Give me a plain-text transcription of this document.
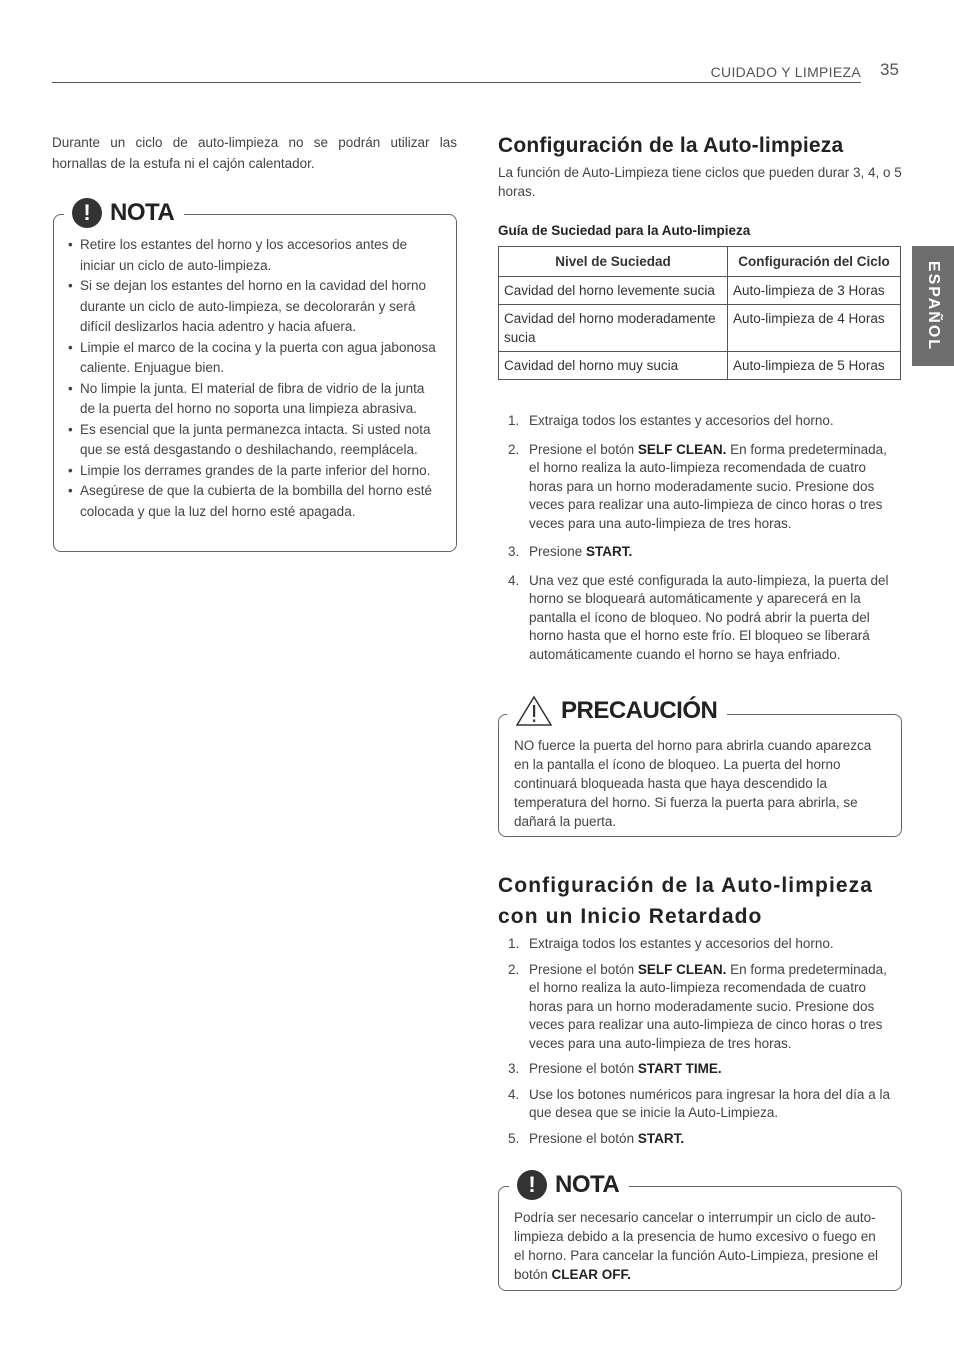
CUIDADO Y LIMPIEZA 35
ESPAÑOL
Durante un ciclo de auto-limpieza no se podrán utilizar las hornallas de la estufa ni el cajón calentador.
! NOTA
• Retire los estantes del horno y los accesorios antes de iniciar un ciclo de auto-limpieza.
• Si se dejan los estantes del horno en la cavidad del horno durante un ciclo de auto-limpieza, se decolorarán y será difícil deslizarlos hacia adentro y hacia afuera.
• Limpie el marco de la cocina y la puerta con agua jabonosa caliente. Enjuague bien.
• No limpie la junta. El material de fibra de vidrio de la junta de la puerta del horno no soporta una limpieza abrasiva.
• Es esencial que la junta permanezca intacta. Si usted nota que se está desgastando o deshilachando, reemplácela.
• Limpie los derrames grandes de la parte inferior del horno.
• Asegúrese de que la cubierta de la bombilla del horno esté colocada y que la luz del horno esté apagada.
Configuración de la Auto-limpieza
La función de Auto-Limpieza tiene ciclos que pueden durar 3, 4, o 5 horas.
Guía de Suciedad para la Auto-limpieza
Nivel de Suciedad	Configuración del Ciclo
Cavidad del horno levemente sucia	Auto-limpieza de 3 Horas
Cavidad del horno moderadamente sucia	Auto-limpieza de 4 Horas
Cavidad del horno muy sucia	Auto-limpieza de 5 Horas
1. Extraiga todos los estantes y accesorios del horno.
2. Presione el botón SELF CLEAN. En forma predeterminada, el horno realiza la auto-limpieza recomendada de cuatro horas para un horno moderadamente sucio. Presione dos veces para realizar una auto-limpieza de cinco horas o tres veces para una auto-limpieza de tres horas.
3. Presione START.
4. Una vez que esté configurada la auto-limpieza, la puerta del horno se bloqueará automáticamente y aparecerá en la pantalla el ícono de bloqueo. No podrá abrir la puerta del horno hasta que el horno este frío. El bloqueo se liberará automáticamente cuando el horno se haya enfriado.
PRECAUCIÓN
NO fuerce la puerta del horno para abrirla cuando aparezca en la pantalla el ícono de bloqueo. La puerta del horno continuará bloqueada hasta que haya descendido la temperatura del horno. Si fuerza la puerta para abrirla, se dañará la puerta.
Configuración de la Auto-limpieza
con un Inicio Retardado
1. Extraiga todos los estantes y accesorios del horno.
2. Presione el botón SELF CLEAN. En forma predeterminada, el horno realiza la auto-limpieza recomendada de cuatro horas para un horno moderadamente sucio. Presione dos veces para realizar una auto-limpieza de cinco horas o tres veces para una auto-limpieza de tres horas.
3. Presione el botón START TIME.
4. Use los botones numéricos para ingresar la hora del día a la que desea que se inicie la Auto-Limpieza.
5. Presione el botón START.
! NOTA
Podría ser necesario cancelar o interrumpir un ciclo de auto-limpieza debido a la presencia de humo excesivo o fuego en el horno. Para cancelar la función Auto-Limpieza, presione el botón CLEAR OFF.
